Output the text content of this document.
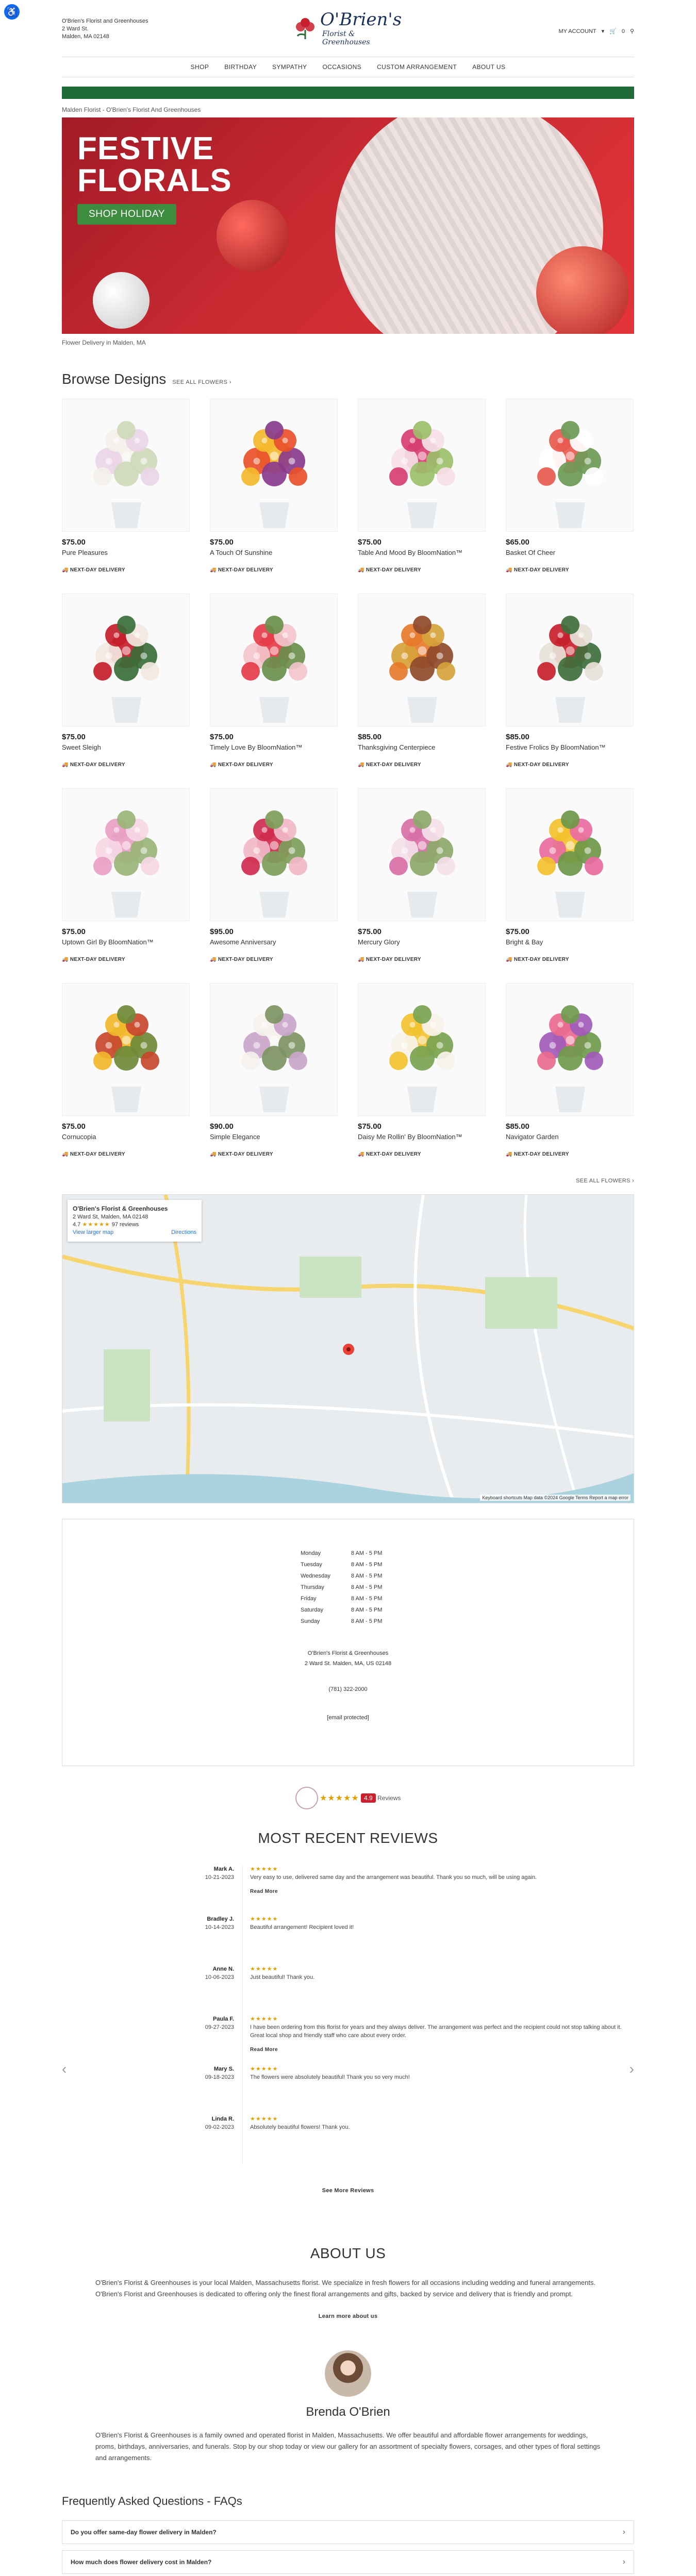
♿
O'Brien's Florist and Greenhouses
2 Ward St.
Malden, MA 02148
O'Brien's
Florist & Greenhouses
MY ACCOUNT ▾ 🛒 0 ⚲
SHOP	BIRTHDAY	SYMPATHY	OCCASIONS	CUSTOM ARRANGEMENT	ABOUT US
Malden Florist - O'Brien's Florist And Greenhouses
FESTIVE
FLORALS
SHOP HOLIDAY
Flower Delivery in Malden, MA
Browse Designs SEE ALL FLOWERS ›
$75.00
Pure Pleasures
🚚 NEXT-DAY DELIVERY
$75.00
A Touch Of Sunshine
🚚 NEXT-DAY DELIVERY
$75.00
Table And Mood By BloomNation™
🚚 NEXT-DAY DELIVERY
$65.00
Basket Of Cheer
🚚 NEXT-DAY DELIVERY
$75.00
Sweet Sleigh
🚚 NEXT-DAY DELIVERY
$75.00
Timely Love By BloomNation™
🚚 NEXT-DAY DELIVERY
$85.00
Thanksgiving Centerpiece
🚚 NEXT-DAY DELIVERY
$85.00
Festive Frolics By BloomNation™
🚚 NEXT-DAY DELIVERY
$75.00
Uptown Girl By BloomNation™
🚚 NEXT-DAY DELIVERY
$95.00
Awesome Anniversary
🚚 NEXT-DAY DELIVERY
$75.00
Mercury Glory
🚚 NEXT-DAY DELIVERY
$75.00
Bright & Bay
🚚 NEXT-DAY DELIVERY
$75.00
Cornucopia
🚚 NEXT-DAY DELIVERY
$90.00
Simple Elegance
🚚 NEXT-DAY DELIVERY
$75.00
Daisy Me Rollin' By BloomNation™
🚚 NEXT-DAY DELIVERY
$85.00
Navigator Garden
🚚 NEXT-DAY DELIVERY
SEE ALL FLOWERS ›
O'Brien's Florist & Greenhouses
2 Ward St, Malden, MA 02148
4.7 ★★★★★ 97 reviews
View larger map	Directions
Keyboard shortcuts Map data ©2024 Google Terms Report a map error
Monday	8 AM - 5 PM
Tuesday	8 AM - 5 PM
Wednesday	8 AM - 5 PM
Thursday	8 AM - 5 PM
Friday	8 AM - 5 PM
Saturday	8 AM - 5 PM
Sunday	8 AM - 5 PM
O'Brien's Florist & Greenhouses
2 Ward St. Malden, MA, US 02148
(781) 322-2000
[email protected]
★★★★★ 4.9 Reviews
MOST RECENT REVIEWS
‹	›
Mark A.
10-21-2023
★★★★★
Very easy to use, delivered same day and the arrangement was beautiful. Thank you so much, will be using again.
Read More
Bradley J.
10-14-2023
★★★★★
Beautiful arrangement! Recipient loved it!
Anne N.
10-06-2023
★★★★★
Just beautiful! Thank you.
Paula F.
09-27-2023
★★★★★
I have been ordering from this florist for years and they always deliver. The arrangement was perfect and the recipient could not stop talking about it. Great local shop and friendly staff who care about every order.
Read More
Mary S.
09-18-2023
★★★★★
The flowers were absolutely beautiful! Thank you so very much!
Linda R.
09-02-2023
★★★★★
Absolutely beautiful flowers! Thank you.
See More Reviews
ABOUT US

O'Brien's Florist & Greenhouses is your local Malden, Massachusetts florist. We specialize in fresh flowers for all occasions including wedding and funeral arrangements. O'Brien's Florist and Greenhouses is dedicated to offering only the finest floral arrangements and gifts, backed by service and delivery that is friendly and prompt.

Learn more about us
Brenda O'Brien

O'Brien's Florist & Greenhouses is a family owned and operated florist in Malden, Massachusetts. We offer beautiful and affordable flower arrangements for weddings, proms, birthdays, anniversaries, and funerals. Stop by our shop today or view our gallery for an assortment of specialty flowers, corsages, and other types of floral settings and arrangements.

Frequently Asked Questions - FAQs
Do you offer same-day flower delivery in Malden?	›
How much does flower delivery cost in Malden?	›
